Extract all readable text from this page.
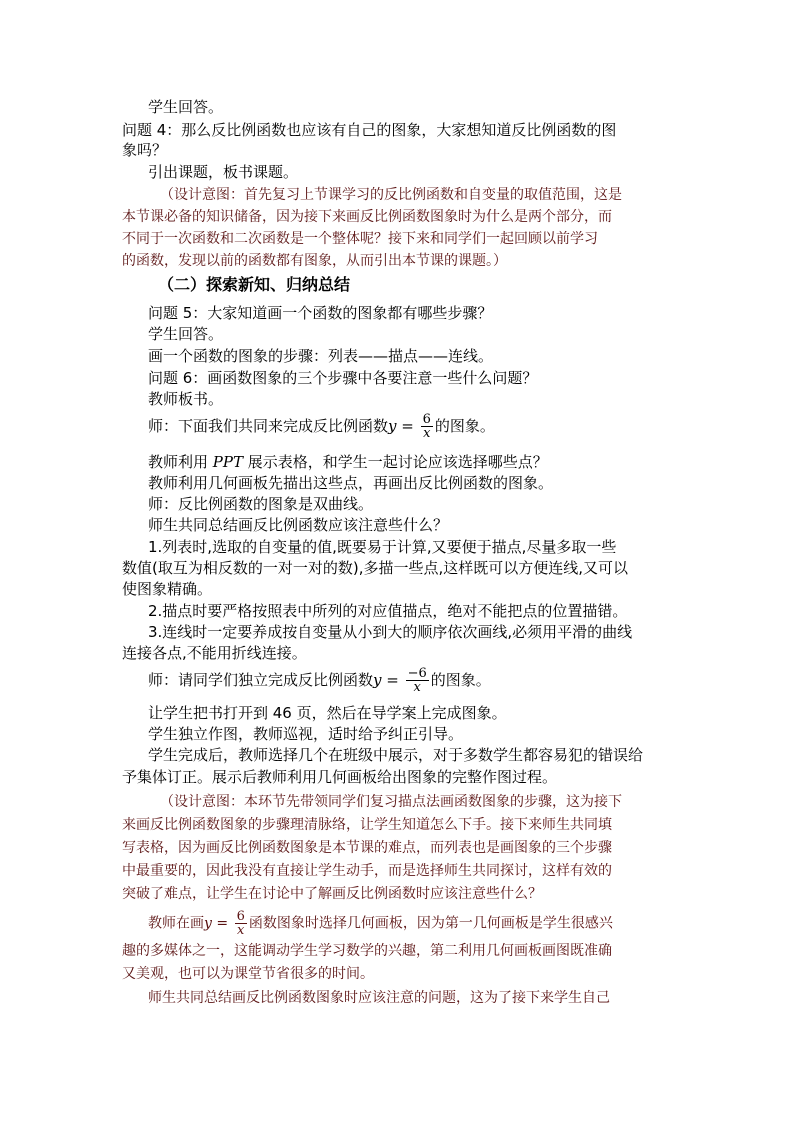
学生回答。
问题 4：那么反比例函数也应该有自己的图象，大家想知道反比例函数的图
象吗？
引出课题，板书课题。
（设计意图：首先复习上节课学习的反比例函数和自变量的取值范围，这是
本节课必备的知识储备，因为接下来画反比例函数图象时为什么是两个部分，而
不同于一次函数和二次函数是一个整体呢？接下来和同学们一起回顾以前学习
的函数，发现以前的函数都有图象，从而引出本节课的课题。）
（二）探索新知、归纳总结
问题 5：大家知道画一个函数的图象都有哪些步骤？
学生回答。
画一个函数的图象的步骤：列表——描点——连线。
问题 6：画函数图象的三个步骤中各要注意一些什么问题？
教师板书。
师：下面我们共同来完成反比例函数$y = \frac{6}{x}$ 的图象。
教师利用 PPT 展示表格，和学生一起讨论应该选择哪些点？
教师利用几何画板先描出这些点，再画出反比例函数的图象。
师：反比例函数的图象是双曲线。
师生共同总结画反比例函数应该注意些什么？
1.列表时,选取的自变量的值,既要易于计算,又要便于描点,尽量多取一些
数值(取互为相反数的一对一对的数),多描一些点,这样既可以方便连线,又可以
使图象精确。
2.描点时要严格按照表中所列的对应值描点，绝对不能把点的位置描错。
3.连线时一定要养成按自变量从小到大的顺序依次画线,必须用平滑的曲线
连接各点,不能用折线连接。
师：请同学们独立完成反比例函数$y = \frac{-6}{x}$ 的图象。
让学生把书打开到 46 页，然后在导学案上完成图象。
学生独立作图，教师巡视，适时给予纠正引导。
学生完成后，教师选择几个在班级中展示，对于多数学生都容易犯的错误给
予集体订正。展示后教师利用几何画板给出图象的完整作图过程。
（设计意图：本环节先带领同学们复习描点法画函数图象的步骤，这为接下
来画反比例函数图象的步骤理清脉络，让学生知道怎么下手。接下来师生共同填
写表格，因为画反比例函数图象是本节课的难点，而列表也是画图象的三个步骤
中最重要的，因此我没有直接让学生动手，而是选择师生共同探讨，这样有效的
突破了难点，让学生在讨论中了解画反比例函数时应该注意些什么？
教师在画$y = \frac{6}{x}$ 函数图象时选择几何画板，因为第一几何画板是学生很感兴
趣的多媒体之一，这能调动学生学习数学的兴趣，第二利用几何画板画图既准确
又美观，也可以为课堂节省很多的时间。
师生共同总结画反比例函数图象时应该注意的问题，这为了接下来学生自己
